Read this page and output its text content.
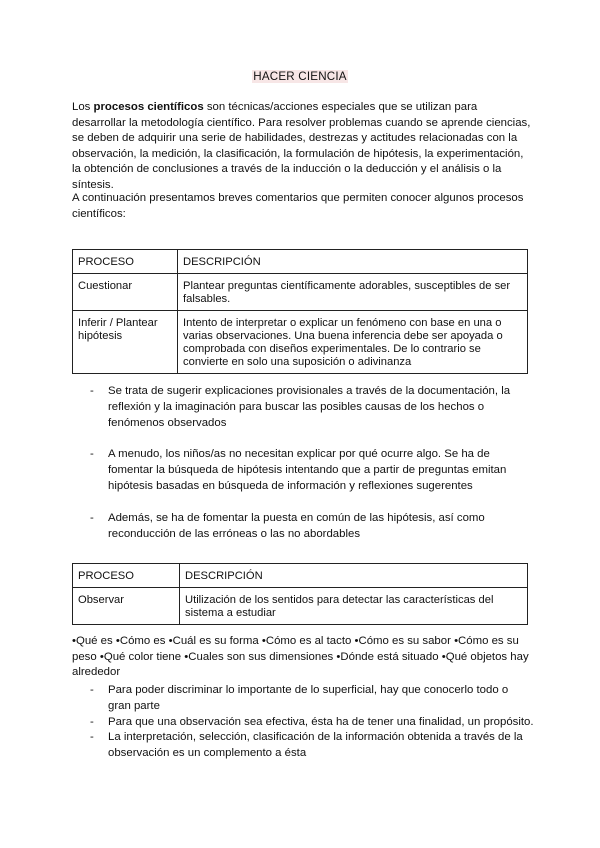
HACER CIENCIA

Los procesos científicos son técnicas/acciones especiales que se utilizan para desarrollar la metodología científico. Para resolver problemas cuando se aprende ciencias, se deben de adquirir una serie de habilidades, destrezas y actitudes relacionadas con la observación, la medición, la clasificación, la formulación de hipótesis, la experimentación, la obtención de conclusiones a través de la inducción o la deducción y el análisis o la síntesis.

A continuación presentamos breves comentarios que permiten conocer algunos procesos científicos:

PROCESO	DESCRIPCIÓN
Cuestionar	Plantear preguntas científicamente adorables, susceptibles de ser falsables.
Inferir / Plantear hipótesis	Intento de interpretar o explicar un fenómeno con base en una o varias observaciones. Una buena inferencia debe ser apoyada o comprobada con diseños experimentales. De lo contrario se convierte en solo una suposición o adivinanza
- Se trata de sugerir explicaciones provisionales a través de la documentación, la reflexión y la imaginación para buscar las posibles causas de los hechos o fenómenos observados
- A menudo, los niños/as no necesitan explicar por qué ocurre algo. Se ha de fomentar la búsqueda de hipótesis intentando que a partir de preguntas emitan hipótesis basadas en búsqueda de información y reflexiones sugerentes
- Además, se ha de fomentar la puesta en común de las hipótesis, así como reconducción de las erróneas o las no abordables
PROCESO	DESCRIPCIÓN
Observar	Utilización de los sentidos para detectar las características del sistema a estudiar

•Qué es •Cómo es •Cuál es su forma •Cómo es al tacto •Cómo es su sabor •Cómo es su peso •Qué color tiene •Cuales son sus dimensiones •Dónde está situado •Qué objetos hay alrededor

- Para poder discriminar lo importante de lo superficial, hay que conocerlo todo o gran parte
- Para que una observación sea efectiva, ésta ha de tener una finalidad, un propósito.
- La interpretación, selección, clasificación de la información obtenida a través de la observación es un complemento a ésta
